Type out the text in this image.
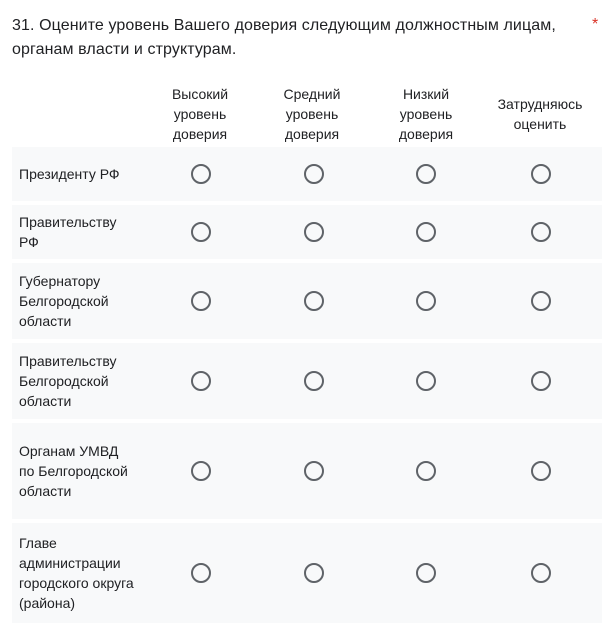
31. Оцените уровень Вашего доверия следующим должностным лицам, органам власти и структурам.
*
Высокий уровень доверия
Средний уровень доверия
Низкий уровень доверия
Затрудняюсь оценить
Президенту РФ
Правительству РФ
Губернатору Белгородской области
Правительству Белгородской области
Органам УМВД по Белгородской области
Главе администрации городского округа (района)
